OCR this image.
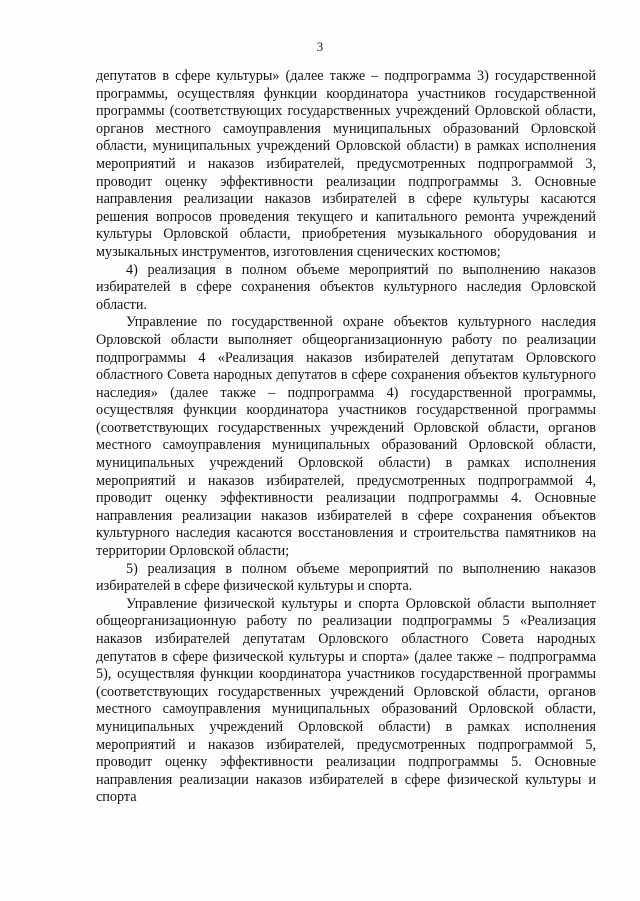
3

депутатов в сфере культуры» (далее также – подпрограмма 3) государственной программы, осуществляя функции координатора участников государственной программы (соответствующих государственных учреждений Орловской области, органов местного самоуправления муниципальных образований Орловской области, муниципальных учреждений Орловской области) в рамках исполнения мероприятий и наказов избирателей, предусмотренных подпрограммой 3, проводит оценку эффективности реализации подпрограммы 3. Основные направления реализации наказов избирателей в сфере культуры касаются решения вопросов проведения текущего и капитального ремонта учреждений культуры Орловской области, приобретения музыкального оборудования и музыкальных инструментов, изготовления сценических костюмов;

4) реализация в полном объеме мероприятий по выполнению наказов избирателей в сфере сохранения объектов культурного наследия Орловской области.

Управление по государственной охране объектов культурного наследия Орловской области выполняет общеорганизационную работу по реализации подпрограммы 4 «Реализация наказов избирателей депутатам Орловского областного Совета народных депутатов в сфере сохранения объектов культурного наследия» (далее также – подпрограмма 4) государственной программы, осуществляя функции координатора участников государственной программы (соответствующих государственных учреждений Орловской области, органов местного самоуправления муниципальных образований Орловской области, муниципальных учреждений Орловской области) в рамках исполнения мероприятий и наказов избирателей, предусмотренных подпрограммой 4, проводит оценку эффективности реализации подпрограммы 4. Основные направления реализации наказов избирателей в сфере сохранения объектов культурного наследия касаются восстановления и строительства памятников на территории Орловской области;

5) реализация в полном объеме мероприятий по выполнению наказов избирателей в сфере физической культуры и спорта.

Управление физической культуры и спорта Орловской области выполняет общеорганизационную работу по реализации подпрограммы 5 «Реализация наказов избирателей депутатам Орловского областного Совета народных депутатов в сфере физической культуры и спорта» (далее также – подпрограмма 5), осуществляя функции координатора участников государственной программы (соответствующих государственных учреждений Орловской области, органов местного самоуправления муниципальных образований Орловской области, муниципальных учреждений Орловской области) в рамках исполнения мероприятий и наказов избирателей, предусмотренных подпрограммой 5, проводит оценку эффективности реализации подпрограммы 5. Основные направления реализации наказов избирателей в сфере физической культуры и спорта
